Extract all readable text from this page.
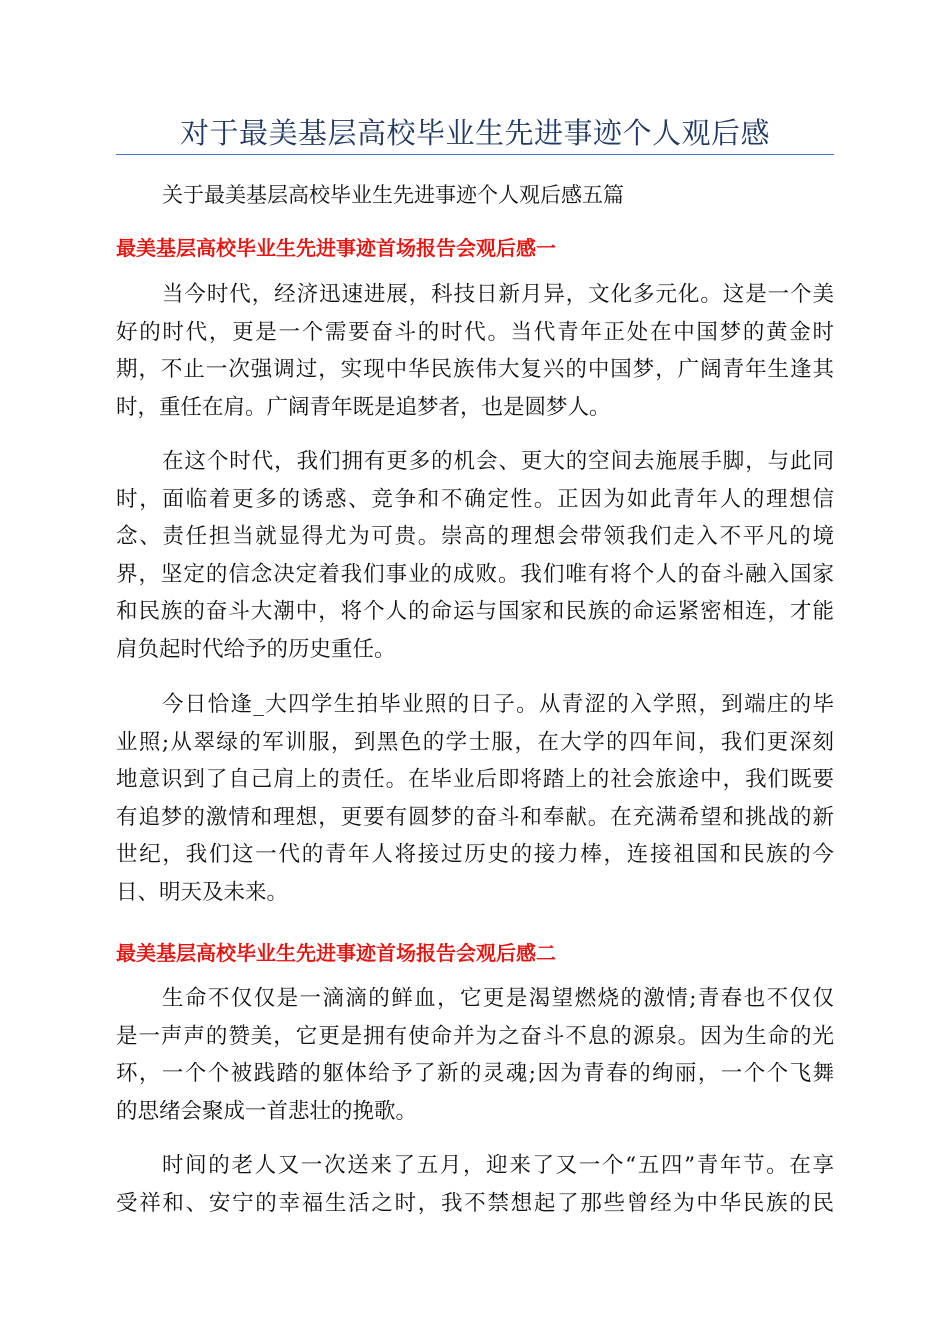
对于最美基层高校毕业生先进事迹个人观后感
关于最美基层高校毕业生先进事迹个人观后感五篇
最美基层高校毕业生先进事迹首场报告会观后感一
当今时代，经济迅速进展，科技日新月异，文化多元化。这是一个美
好的时代，更是一个需要奋斗的时代。当代青年正处在中国梦的黄金时
期，不止一次强调过，实现中华民族伟大复兴的中国梦，广阔青年生逢其
时，重任在肩。广阔青年既是追梦者，也是圆梦人。
在这个时代，我们拥有更多的机会、更大的空间去施展手脚，与此同
时，面临着更多的诱惑、竞争和不确定性。正因为如此青年人的理想信
念、责任担当就显得尤为可贵。崇高的理想会带领我们走入不平凡的境
界，坚定的信念决定着我们事业的成败。我们唯有将个人的奋斗融入国家
和民族的奋斗大潮中，将个人的命运与国家和民族的命运紧密相连，才能
肩负起时代给予的历史重任。
今日恰逢_大四学生拍毕业照的日子。从青涩的入学照，到端庄的毕
业照;从翠绿的军训服，到黑色的学士服，在大学的四年间，我们更深刻
地意识到了自己肩上的责任。在毕业后即将踏上的社会旅途中，我们既要
有追梦的激情和理想，更要有圆梦的奋斗和奉献。在充满希望和挑战的新
世纪，我们这一代的青年人将接过历史的接力棒，连接祖国和民族的今
日、明天及未来。
最美基层高校毕业生先进事迹首场报告会观后感二
生命不仅仅是一滴滴的鲜血，它更是渴望燃烧的激情;青春也不仅仅
是一声声的赞美，它更是拥有使命并为之奋斗不息的源泉。因为生命的光
环，一个个被践踏的躯体给予了新的灵魂;因为青春的绚丽，一个个飞舞
的思绪会聚成一首悲壮的挽歌。
时间的老人又一次送来了五月，迎来了又一个“五四”青年节。在享
受祥和、安宁的幸福生活之时，我不禁想起了那些曾经为中华民族的民
